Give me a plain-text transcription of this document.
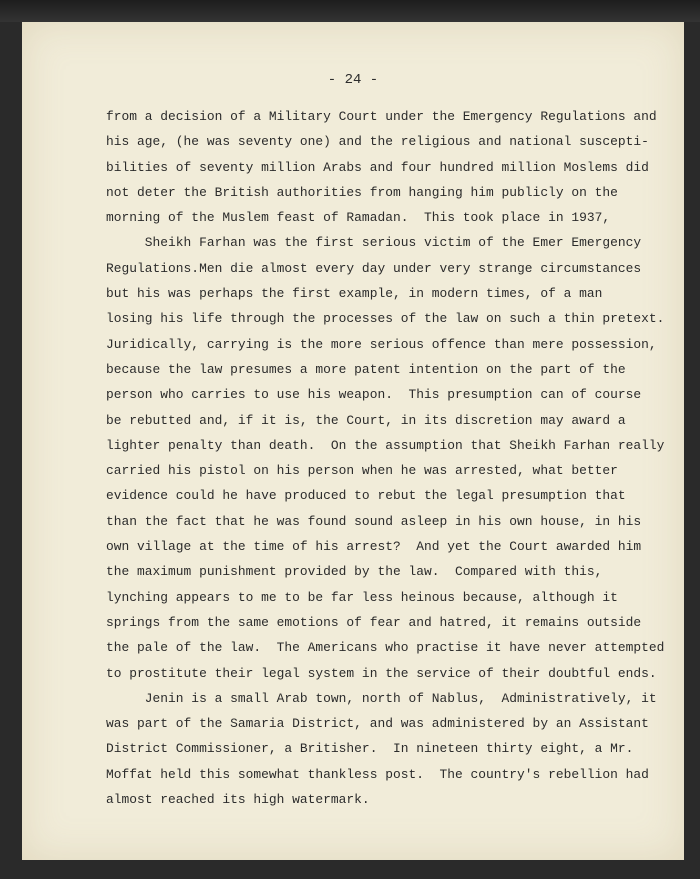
- 24 -
from a decision of a Military Court under the Emergency Regulations and
his age, (he was seventy one) and the religious and national suscepti-
bilities of seventy million Arabs and four hundred million Moslems did
not deter the British authorities from hanging him publicly on the
morning of the Muslem feast of Ramadan.  This took place in 1937,
Sheikh Farhan was the first serious victim of the Emer Emergency
Regulations.Men die almost every day under very strange circumstances
but his was perhaps the first example, in modern times, of a man
losing his life through the processes of the law on such a thin pretext.
Juridically, carrying is the more serious offence than mere possession,
because the law presumes a more patent intention on the part of the
person who carries to use his weapon.  This presumption can of course
be rebutted and, if it is, the Court, in its discretion may award a
lighter penalty than death.  On the assumption that Sheikh Farhan really
carried his pistol on his person when he was arrested, what better
evidence could he have produced to rebut the legal presumption that
than the fact that he was found sound asleep in his own house, in his
own village at the time of his arrest?  And yet the Court awarded him
the maximum punishment provided by the law.  Compared with this,
lynching appears to me to be far less heinous because, although it
springs from the same emotions of fear and hatred, it remains outside
the pale of the law.  The Americans who practise it have never attempted
to prostitute their legal system in the service of their doubtful ends.
Jenin is a small Arab town, north of Nablus,  Administratively, it
was part of the Samaria District, and was administered by an Assistant
District Commissioner, a Britisher.  In nineteen thirty eight, a Mr.
Moffat held this somewhat thankless post.  The country's rebellion had
almost reached its high watermark.
